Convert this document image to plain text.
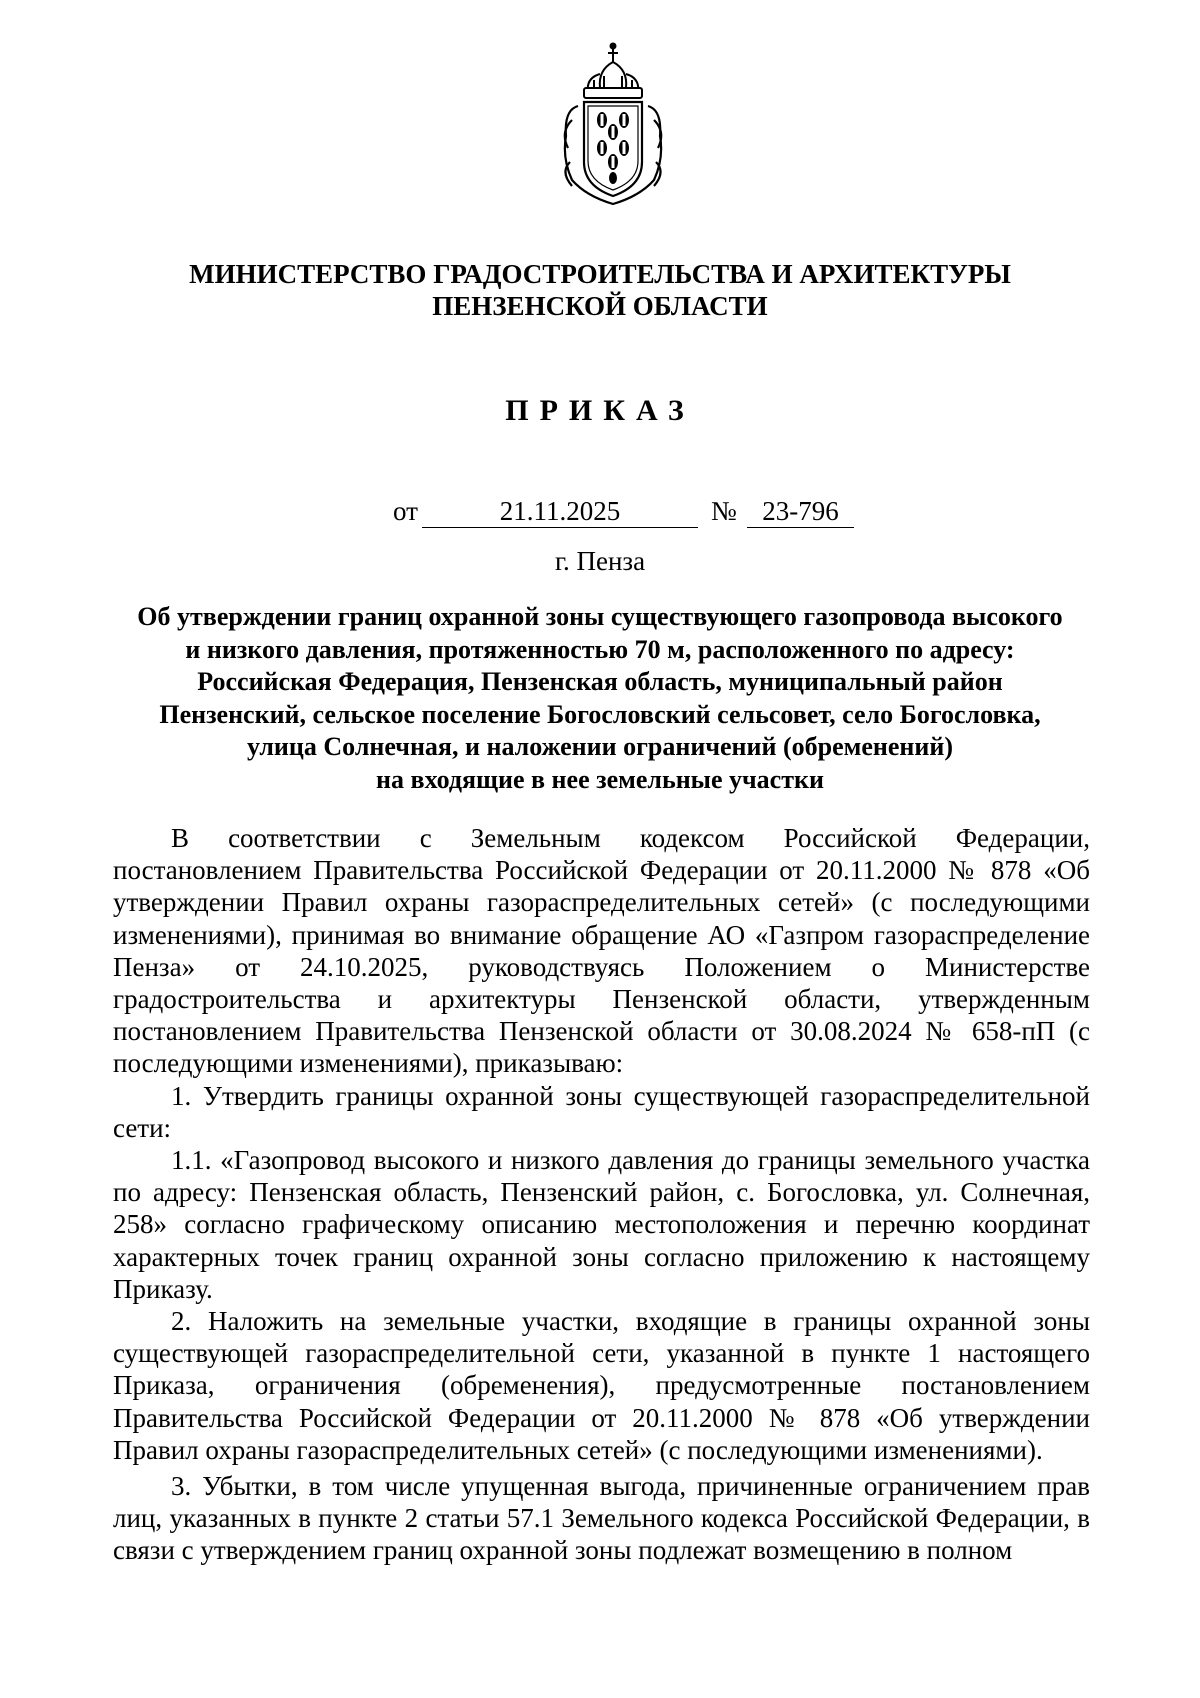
МИНИСТЕРСТВО ГРАДОСТРОИТЕЛЬСТВА И АРХИТЕКТУРЫ
ПЕНЗЕНСКОЙ ОБЛАСТИ
ПРИКАЗ
от	21.11.2025	№ 23-796
г. Пенза
Об утверждении границ охранной зоны существующего газопровода высокого
и низкого давления, протяженностью 70 м, расположенного по адресу:
Российская Федерация, Пензенская область, муниципальный район
Пензенский, сельское поселение Богословский сельсовет, село Богословка,
улица Солнечная, и наложении ограничений (обременений)
на входящие в нее земельные участки

В соответствии с Земельным кодексом Российской Федерации, постановлением Правительства Российской Федерации от 20.11.2000 № 878 «Об утверждении Правил охраны газораспределительных сетей» (с последующими изменениями), принимая во внимание обращение АО «Газпром газораспределение Пенза» от 24.10.2025, руководствуясь Положением о Министерстве градостроительства и архитектуры Пензенской области, утвержденным постановлением Правительства Пензенской области от 30.08.2024 № 658-пП (с последующими изменениями), приказываю:

1. Утвердить границы охранной зоны существующей газораспределительной сети:

1.1. «Газопровод высокого и низкого давления до границы земельного участка по адресу: Пензенская область, Пензенский район, с. Богословка, ул. Солнечная, 258» согласно графическому описанию местоположения и перечню координат характерных точек границ охранной зоны согласно приложению к настоящему Приказу.

2. Наложить на земельные участки, входящие в границы охранной зоны существующей газораспределительной сети, указанной в пункте 1 настоящего Приказа, ограничения (обременения), предусмотренные постановлением Правительства Российской Федерации от 20.11.2000 № 878 «Об утверждении Правил охраны газораспределительных сетей» (с последующими изменениями).

3. Убытки, в том числе упущенная выгода, причиненные ограничением прав лиц, указанных в пункте 2 статьи 57.1 Земельного кодекса Российской Федерации, в связи с утверждением границ охранной зоны подлежат возмещению в полном
